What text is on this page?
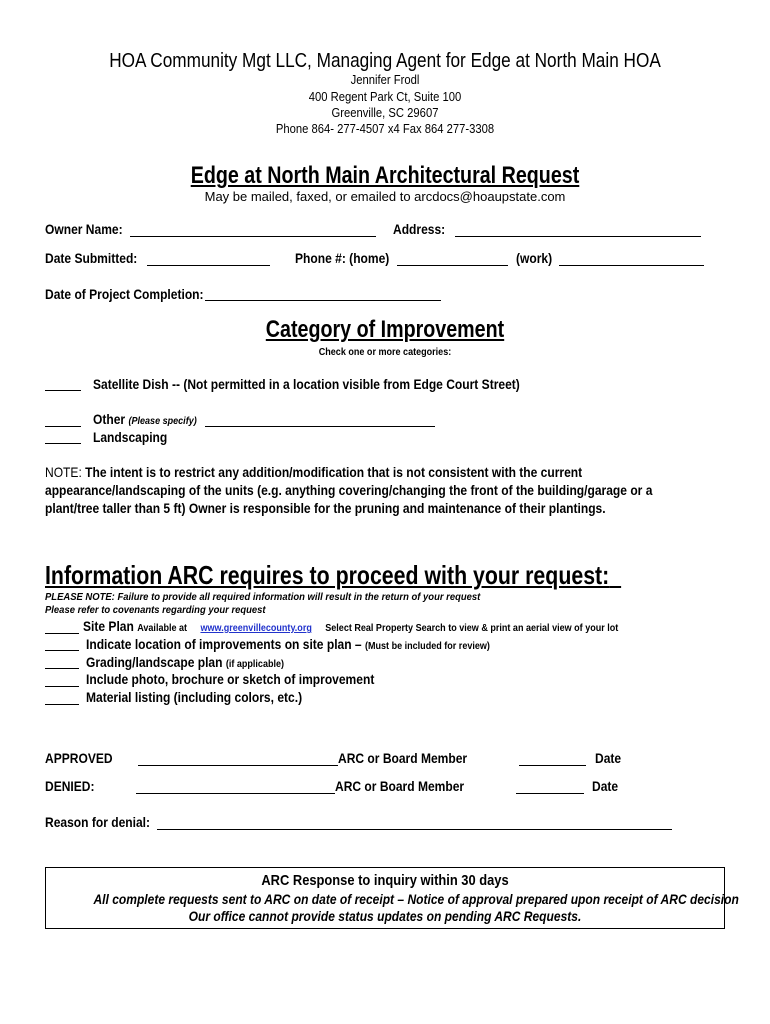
HOA Community Mgt LLC, Managing Agent for Edge at North Main HOA
Jennifer Frodl
400 Regent Park Ct, Suite 100
Greenville, SC 29607
Phone 864- 277-4507 x4 Fax 864 277-3308
Edge at North Main Architectural Request
May be mailed, faxed, or emailed to arcdocs@hoaupstate.com
Owner Name:	Address:
Date Submitted:	Phone #: (home)	(work)
Date of Project Completion:
Category of Improvement
Check one or more categories:
Satellite Dish -- (Not permitted in a location visible from Edge Court Street)
Other (Please specify)
Landscaping
NOTE: The intent is to restrict any addition/modification that is not consistent with the current
appearance/landscaping of the units (e.g. anything covering/changing the front of the building/garage or a
plant/tree taller than 5 ft) Owner is responsible for the pruning and maintenance of their plantings.
Information ARC requires to proceed with your request:
PLEASE NOTE: Failure to provide all required information will result in the return of your request
Please refer to covenants regarding your request
Site Plan Available at www.greenvillecounty.org Select Real Property Search to view & print an aerial view of your lot
Indicate location of improvements on site plan – (Must be included for review)
Grading/landscape plan (if applicable)
Include photo, brochure or sketch of improvement
Material listing (including colors, etc.)
APPROVED	ARC or Board Member	Date
DENIED:	ARC or Board Member	Date
Reason for denial:
ARC Response to inquiry within 30 days
All complete requests sent to ARC on date of receipt – Notice of approval prepared upon receipt of ARC decision
Our office cannot provide status updates on pending ARC Requests.
